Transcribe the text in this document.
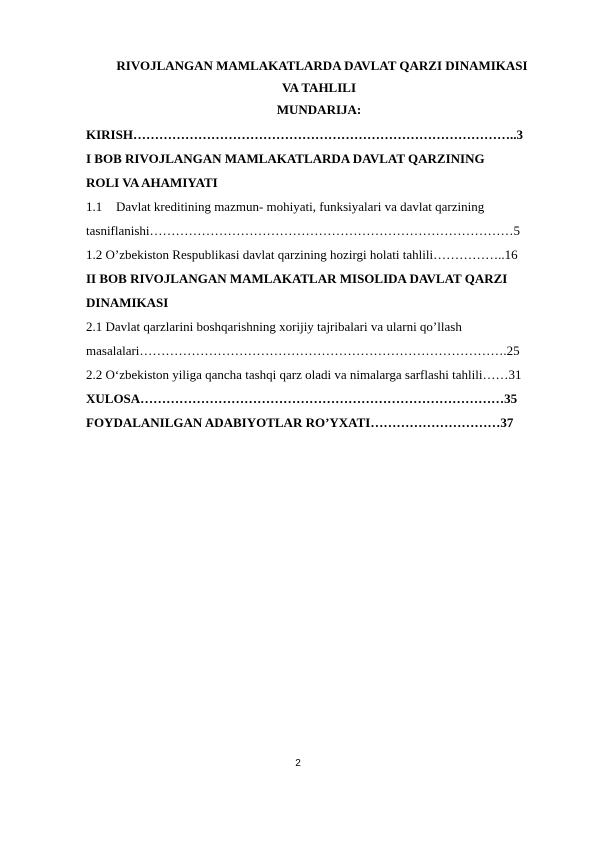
RIVOJLANGAN MAMLAKATLARDA DAVLAT QARZI DINAMIKASI
VA TAHLILI
MUNDARIJA:
KIRISH……………………………………………………………………………..3
I BOB RIVOJLANGAN MAMLAKATLARDA DAVLAT QARZINING
ROLI VA AHAMIYATI
1.1 Davlat kreditining mazmun- mohiyati, funksiyalari va davlat qarzining
tasniflanishi…………………………………………………………………………5
1.2 O’zbekiston Respublikasi davlat qarzining hozirgi holati tahlili……………..16
II BOB RIVOJLANGAN MAMLAKATLAR MISOLIDA DAVLAT QARZI
DINAMIKASI
2.1 Davlat qarzlarini boshqarishning xorijiy tajribalari va ularni qo’llash
masalalari………………………………………………………………………….25
2.2 O‘zbekiston yiliga qancha tashqi qarz oladi va nimalarga sarflashi tahlili……31
XULOSA…………………………………………………………………………35
FOYDALANILGAN ADABIYOTLAR RO’YXATI…………………………37
2
